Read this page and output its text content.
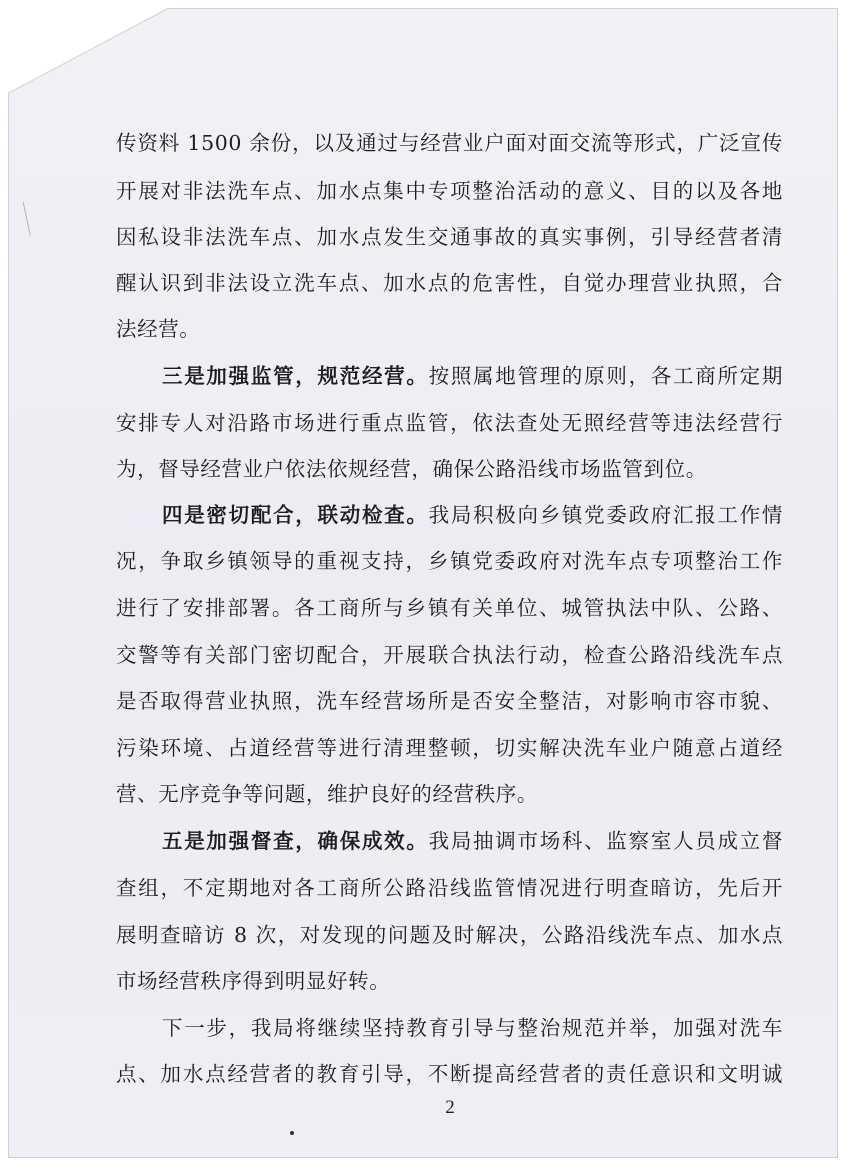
传资料 1500 余份，以及通过与经营业户面对面交流等形式，广泛宣传
开展对非法洗车点、加水点集中专项整治活动的意义、目的以及各地
因私设非法洗车点、加水点发生交通事故的真实事例，引导经营者清
醒认识到非法设立洗车点、加水点的危害性，自觉办理营业执照，合
法经营。
三是加强监管，规范经营。按照属地管理的原则，各工商所定期
安排专人对沿路市场进行重点监管，依法查处无照经营等违法经营行
为，督导经营业户依法依规经营，确保公路沿线市场监管到位。
四是密切配合，联动检查。我局积极向乡镇党委政府汇报工作情
况，争取乡镇领导的重视支持，乡镇党委政府对洗车点专项整治工作
进行了安排部署。各工商所与乡镇有关单位、城管执法中队、公路、
交警等有关部门密切配合，开展联合执法行动，检查公路沿线洗车点
是否取得营业执照，洗车经营场所是否安全整洁，对影响市容市貌、
污染环境、占道经营等进行清理整顿，切实解决洗车业户随意占道经
营、无序竞争等问题，维护良好的经营秩序。
五是加强督查，确保成效。我局抽调市场科、监察室人员成立督
查组，不定期地对各工商所公路沿线监管情况进行明查暗访，先后开
展明查暗访 8 次，对发现的问题及时解决，公路沿线洗车点、加水点
市场经营秩序得到明显好转。
下一步，我局将继续坚持教育引导与整治规范并举，加强对洗车
点、加水点经营者的教育引导，不断提高经营者的责任意识和文明诚
2
